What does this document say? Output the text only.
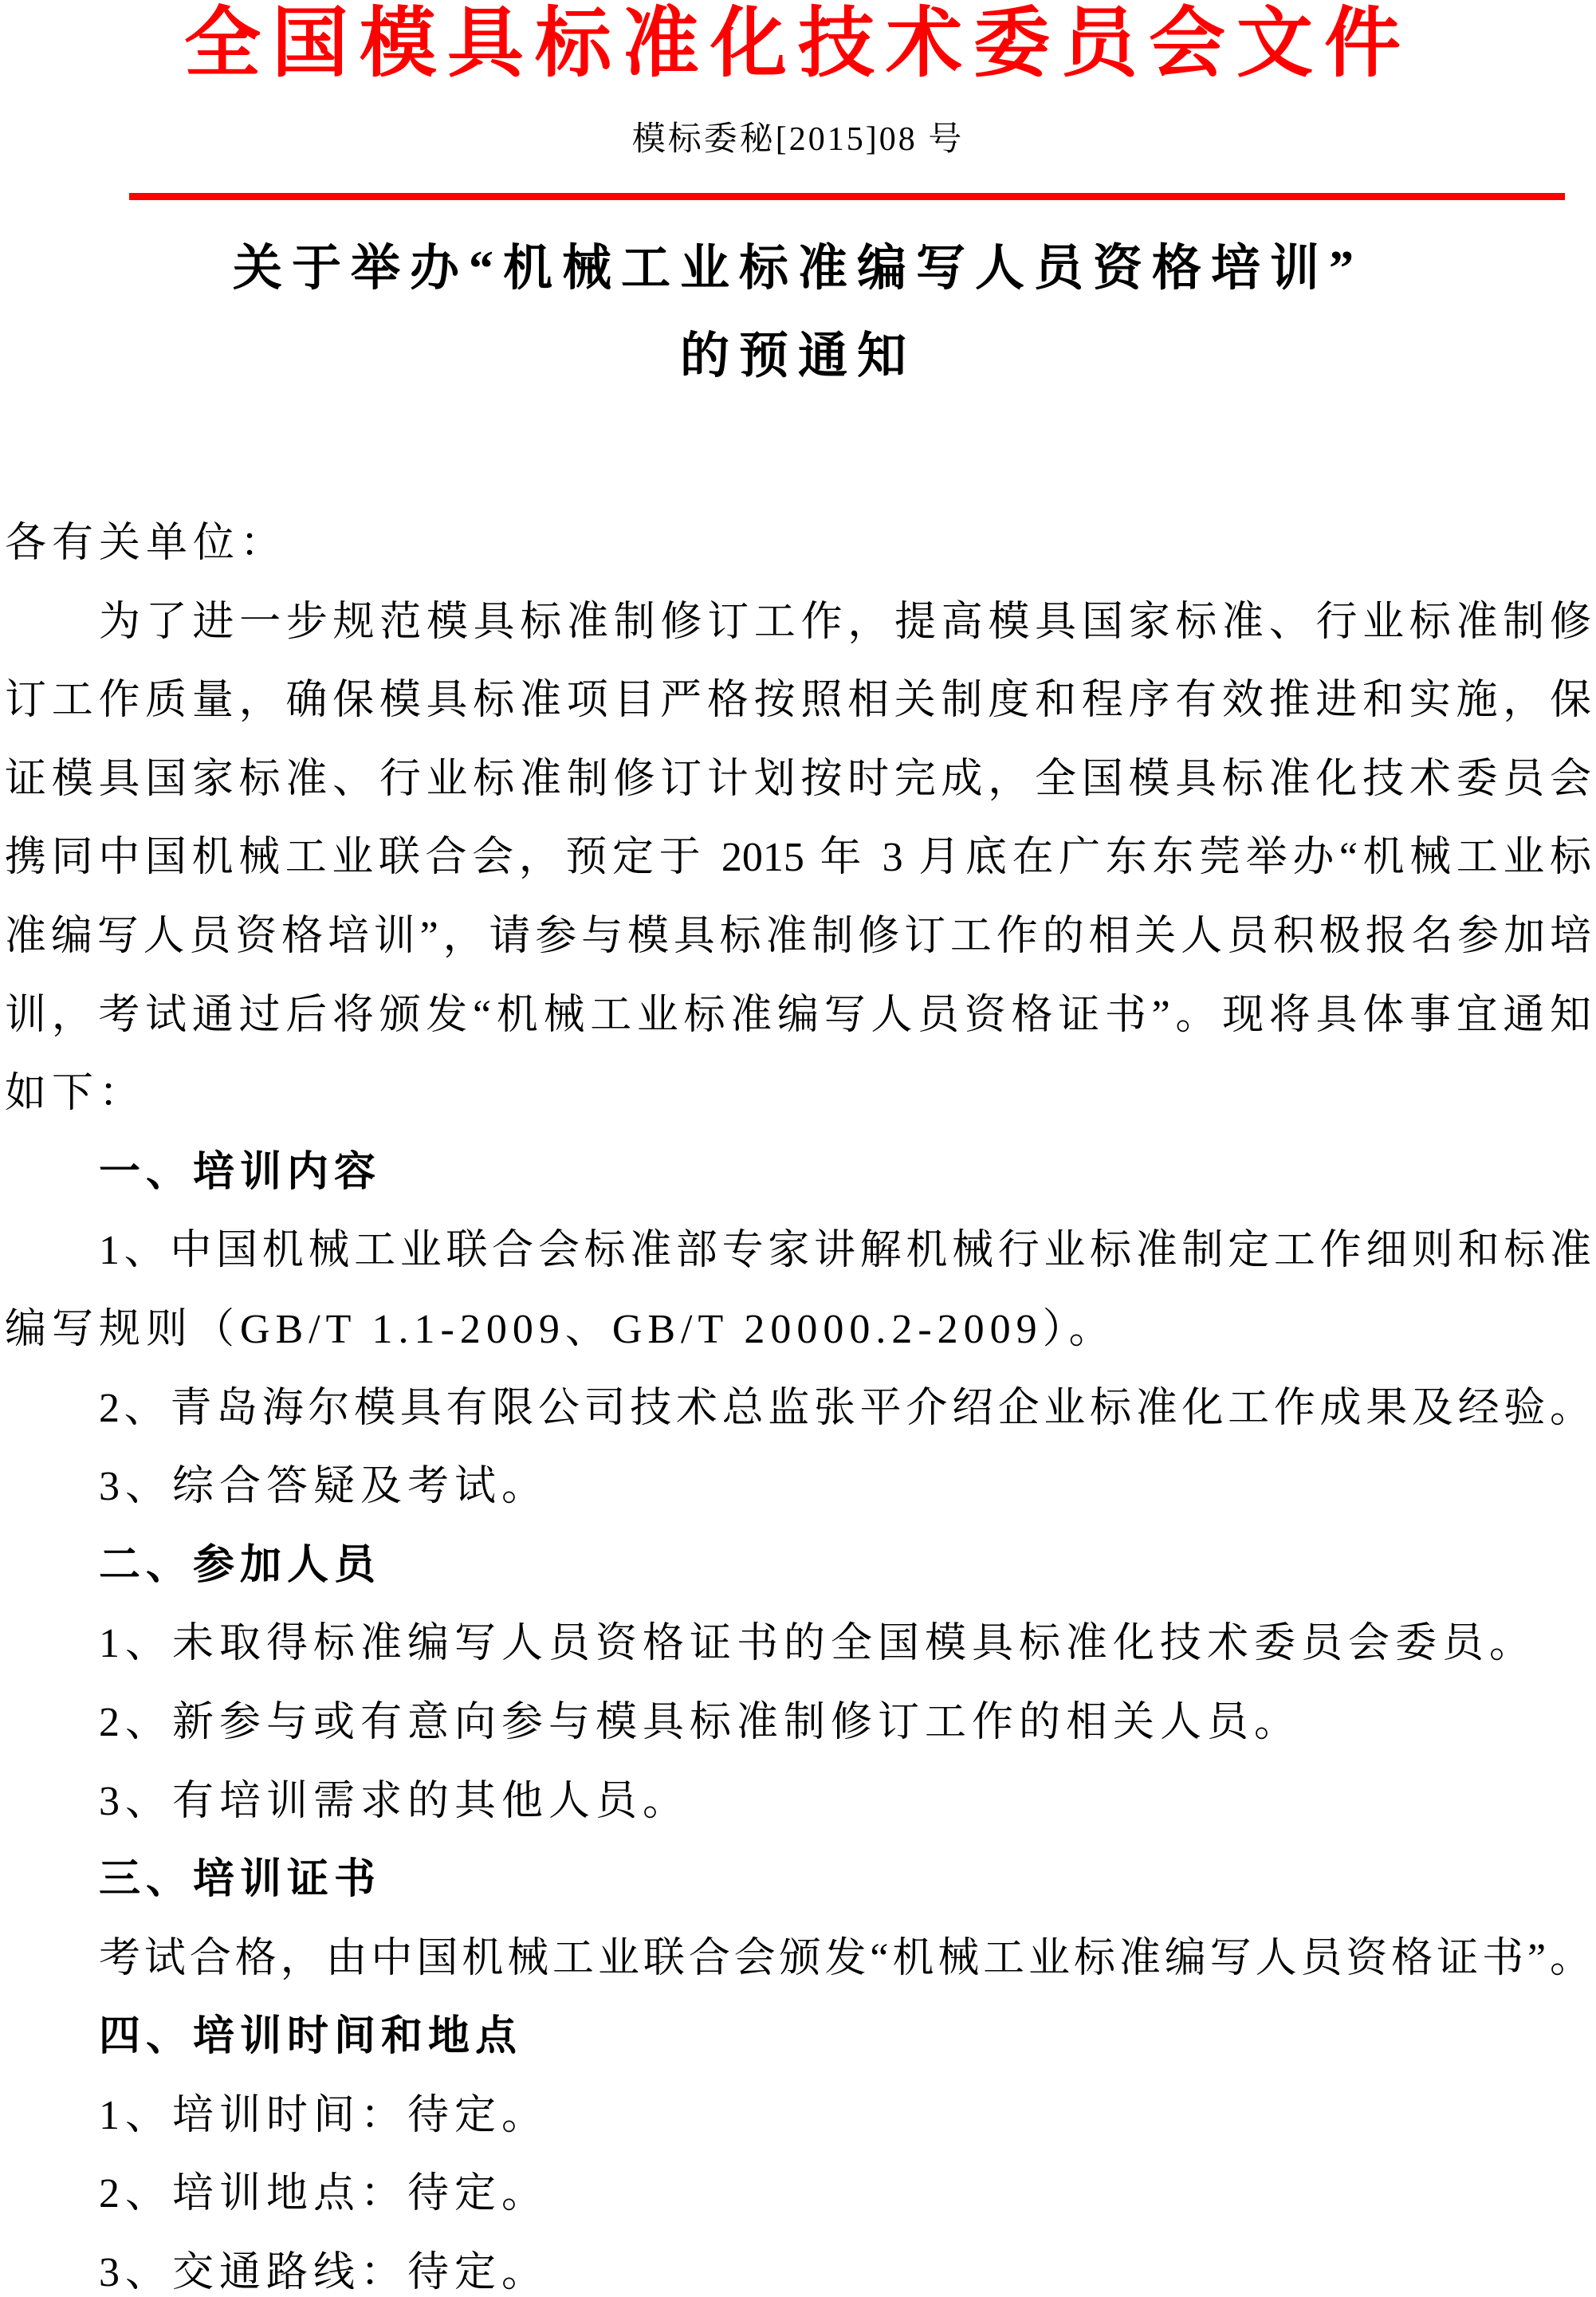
全国模具标准化技术委员会文件
模标委秘[2015]08 号
关于举办“机械工业标准编写人员资格培训”
的预通知
各有关单位：
为了进一步规范模具标准制修订工作，提高模具国家标准、行业标准制修
订工作质量，确保模具标准项目严格按照相关制度和程序有效推进和实施，保
证模具国家标准、行业标准制修订计划按时完成，全国模具标准化技术委员会
携同中国机械工业联合会，预定于 2015 年 3 月底在广东东莞举办“机械工业标
准编写人员资格培训”，请参与模具标准制修订工作的相关人员积极报名参加培
训，考试通过后将颁发“机械工业标准编写人员资格证书”。现将具体事宜通知
如下：
一、培训内容
1、中国机械工业联合会标准部专家讲解机械行业标准制定工作细则和标准
编写规则（GB/T 1.1-2009、GB/T 20000.2-2009）。
2、青岛海尔模具有限公司技术总监张平介绍企业标准化工作成果及经验。
3、综合答疑及考试。
二、参加人员
1、未取得标准编写人员资格证书的全国模具标准化技术委员会委员。
2、新参与或有意向参与模具标准制修订工作的相关人员。
3、有培训需求的其他人员。
三、培训证书
考试合格，由中国机械工业联合会颁发“机械工业标准编写人员资格证书”。
四、培训时间和地点
1、培训时间：待定。
2、培训地点：待定。
3、交通路线：待定。
